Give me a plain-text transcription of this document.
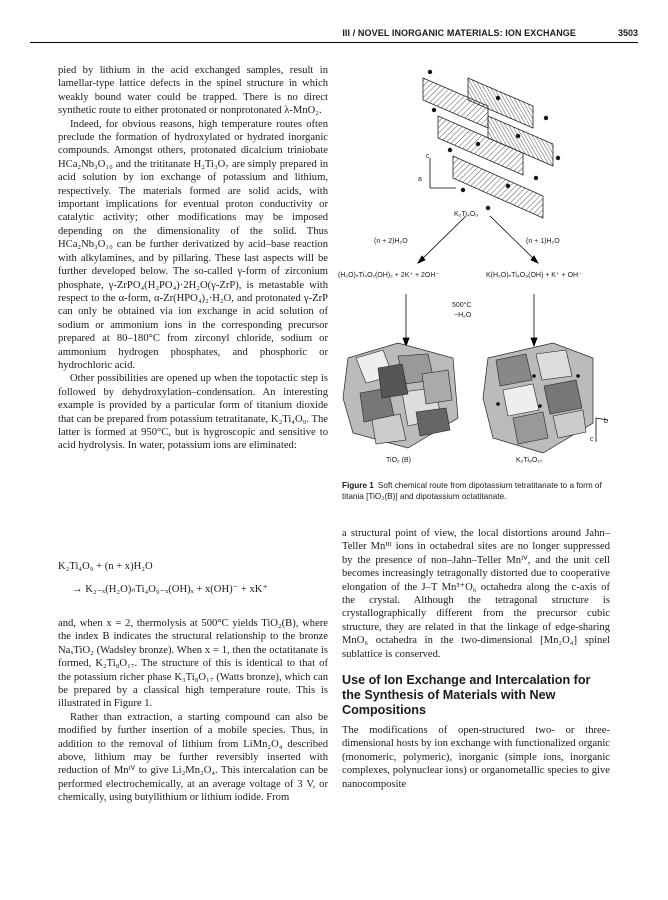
III / NOVEL INORGANIC MATERIALS: ION EXCHANGE	3503

pied by lithium in the acid exchanged samples, result in lamellar-type lattice defects in the spinel structure in which weakly bound water could be trapped. There is no direct synthetic route to either protonated or nonprotonated λ-MnO₂.

Indeed, for obvious reasons, high temperature routes often preclude the formation of hydroxylated or hydrated inorganic compounds. Amongst others, protonated dicalcium triniobate HCa₂Nb₃O₁₀ and the trititanate H₂Ti₃O₇ are simply prepared in acid solution by ion exchange of potassium and lithium, respectively. The materials formed are solid acids, with important implications for eventual proton conductivity or catalytic activity; other modifications may be imposed depending on the dimensionality of the solid. Thus HCa₂Nb₃O₁₀ can be further derivatized by acid–base reaction with alkylamines, and by pillaring. These last aspects will be further developed below. The so-called γ-form of zirconium phosphate, γ-ZrPO₄(H₂PO₄)·2H₂O(γ-ZrP), is metastable with respect to the α-form, α-Zr(HPO₄)₂·H₂O, and protonated γ-ZrP can only be obtained via ion exchange in acid solution of sodium or ammonium ions in the corresponding precursor prepared at 80–180°C from zirconyl chloride, sodium or ammonium hydrogen phosphates, and phosphoric or hydrochloric acid.

Other possibilities are opened up when the topotactic step is followed by dehydroxylation–condensation. An interesting example is provided by a particular form of titanium dioxide that can be prepared from potassium tetratitanate, K₂Ti₄O₉. The latter is formed at 950°C, but is hygroscopic and sensitive to acid hydrolysis. In water, potassium ions are eliminated:

K₂Ti₄O₉ + (n + x)H₂O
→ K₂₋ₓ(H₂O)ₙTi₄O₉₋ₓ(OH)ₓ + x(OH)⁻ + xK⁺

and, when x = 2, thermolysis at 500°C yields TiO₂(B), where the index B indicates the structural relationship to the bronze NaₓTiO₂ (Wadsley bronze). When x = 1, then the octatitanate is formed, K₂Ti₈O₁₇. The structure of this is identical to that of the potassium richer phase K₃Ti₈O₁₇ (Watts bronze), which can be prepared by a classical high temperature route. This is illustrated in Figure 1.

Rather than extraction, a starting compound can also be modified by further insertion of a mobile species. Thus, in addition to the removal of lithium from LiMn₂O₄ described above, lithium may be further reversibly inserted with reduction of Mnᴵⱽ to give Li₂Mn₂O₄. This intercalation can be performed electrochemically, at an average voltage of 3 V, or chemically, using butyllithium or lithium iodide. From

a
c
K₂Ti₄O₉
(n + 2)H₂O	(n + 1)H₂O
(H₂O)ₙTi₄O₇(OH)₂ + 2K⁺ + 2OH⁻	K(H₂O)ₙTi₄O₈(OH) + K⁺ + OH⁻
500°C
−H₂O
b
c
TiO₂ (B)	K₂Ti₈O₁₇
Figure 1 Soft chemical route from dipotassium tetratitanate to a form of titania [TiO₂(B)] and dipotassium octatitanate.

a structural point of view, the local distortions around Jahn–Teller Mnᴵᴵᴵ ions in octahedral sites are no longer suppressed by the presence of non–Jahn–Teller Mnᴵⱽ, and the unit cell becomes increasingly tetragonally distorted due to cooperative elongation of the J–T Mn³⁺O₆ octahedra along the c-axis of the crystal. Although the tetragonal structure is crystallographically different from the precursor cubic structure, they are related in that the linkage of edge-sharing MnO₆ octahedra in the two-dimensional [Mn₂O₄] spinel sublattice is conserved.

Use of Ion Exchange and Intercalation for the Synthesis of Materials with New Compositions

The modifications of open-structured two- or three-dimensional hosts by ion exchange with functionalized organic (monomeric, polymeric), inorganic (simple ions, inorganic complexes, polynuclear ions) or organometallic species to give nanocomposite
